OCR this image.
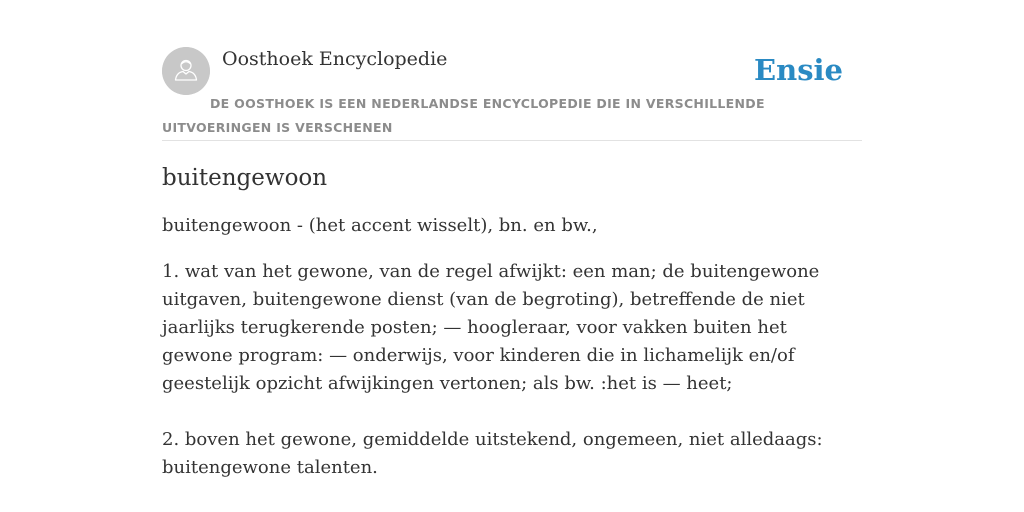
Oosthoek Encyclopedie	Ensie
DE OOSTHOEK IS EEN NEDERLANDSE ENCYCLOPEDIE DIE IN VERSCHILLENDE UITVOERINGEN IS VERSCHENEN
buitengewoon

buitengewoon - (het accent wisselt), bn. en bw.,

1. wat van het gewone, van de regel afwijkt: een man; de buitengewone uitgaven, buitengewone dienst (van de begroting), betreffende de niet jaarlijks terugkerende posten; — hoogleraar, voor vakken buiten het gewone program: — onderwijs, voor kinderen die in lichamelijk en/of geestelijk opzicht afwijkingen vertonen; als bw. :het is — heet;

2. boven het gewone, gemiddelde uitstekend, ongemeen, niet alledaags: buitengewone talenten.
